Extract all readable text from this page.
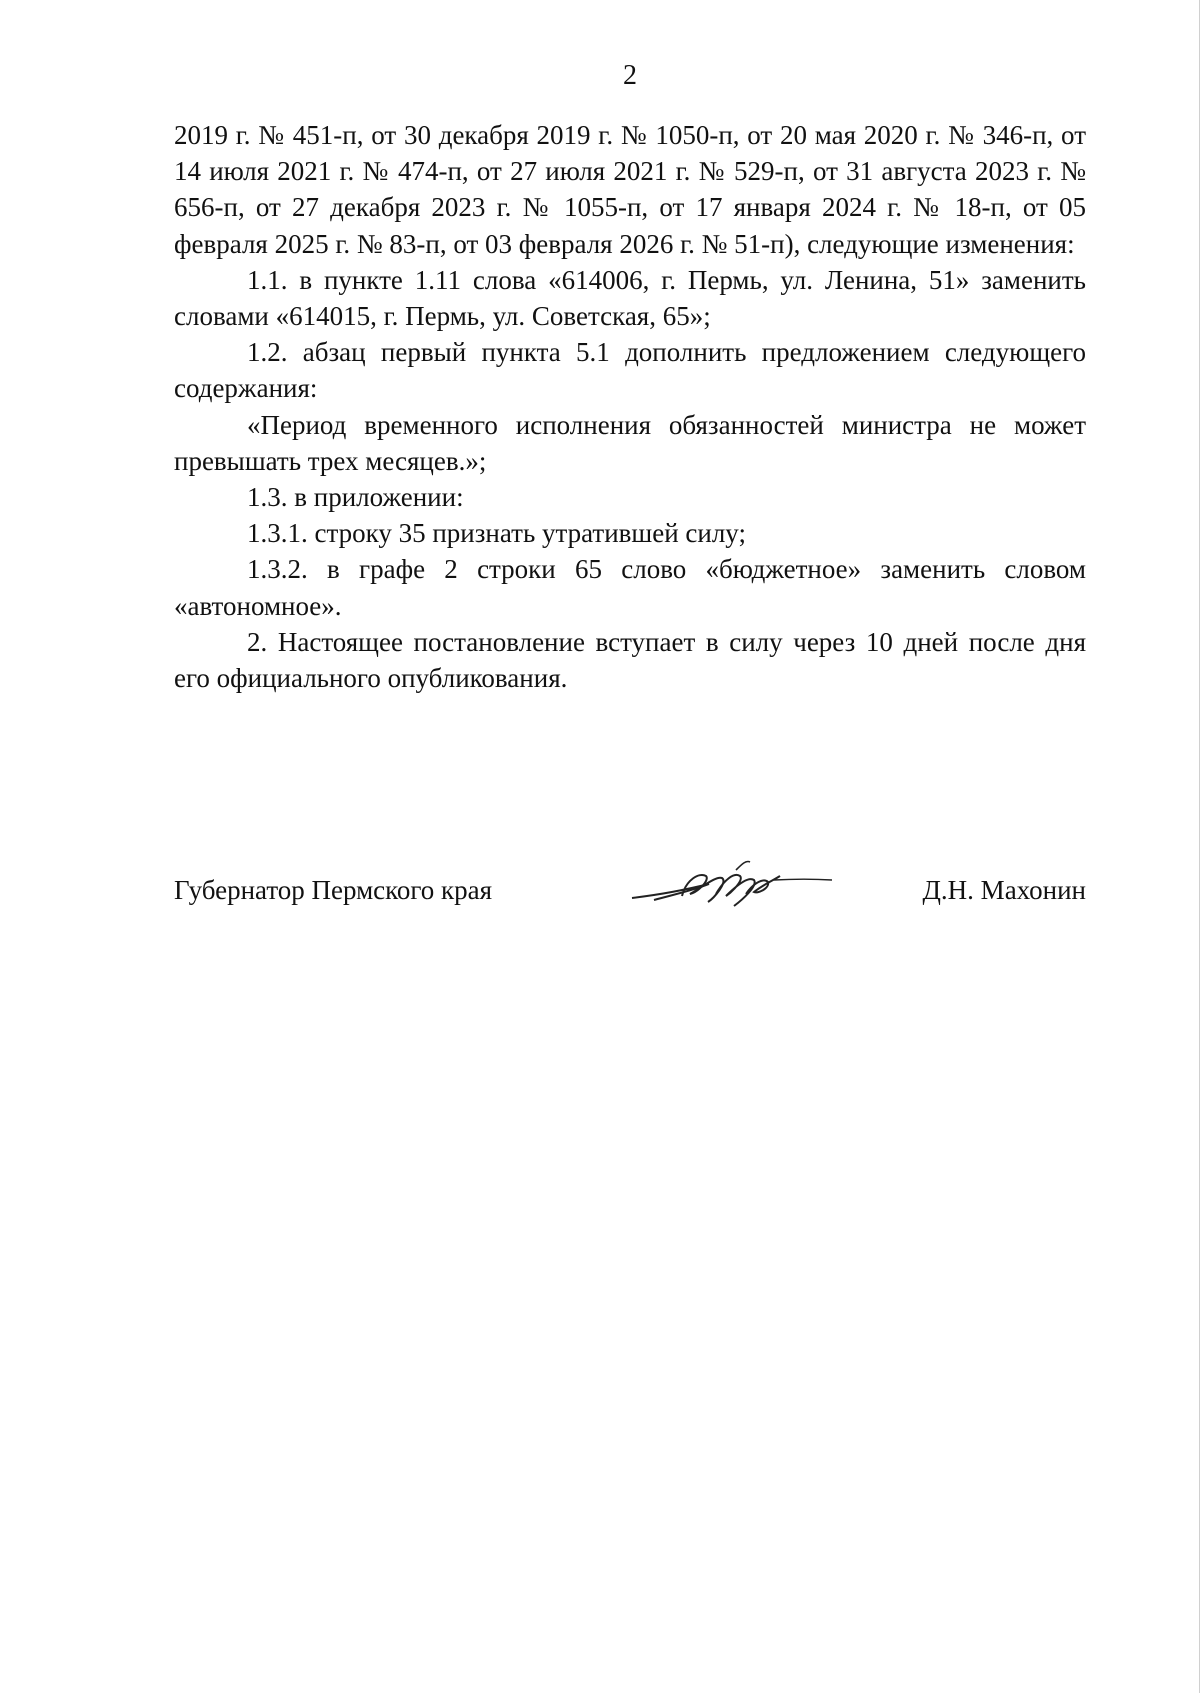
2

2019 г. № 451-п, от 30 декабря 2019 г. № 1050-п, от 20 мая 2020 г. № 346-п, от 14 июля 2021 г. № 474-п, от 27 июля 2021 г. № 529-п, от 31 августа 2023 г. № 656-п, от 27 декабря 2023 г. № 1055-п, от 17 января 2024 г. № 18-п, от 05 февраля 2025 г. № 83-п, от 03 февраля 2026 г. № 51-п), следующие изменения:

1.1. в пункте 1.11 слова «614006, г. Пермь, ул. Ленина, 51» заменить словами «614015, г. Пермь, ул. Советская, 65»;

1.2. абзац первый пункта 5.1 дополнить предложением следующего содержания:

«Период временного исполнения обязанностей министра не может превышать трех месяцев.»;

1.3. в приложении:

1.3.1. строку 35 признать утратившей силу;

1.3.2. в графе 2 строки 65 слово «бюджетное» заменить словом «автономное».

2. Настоящее постановление вступает в силу через 10 дней после дня его официального опубликования.

Губернатор Пермского края	Д.Н. Махонин
